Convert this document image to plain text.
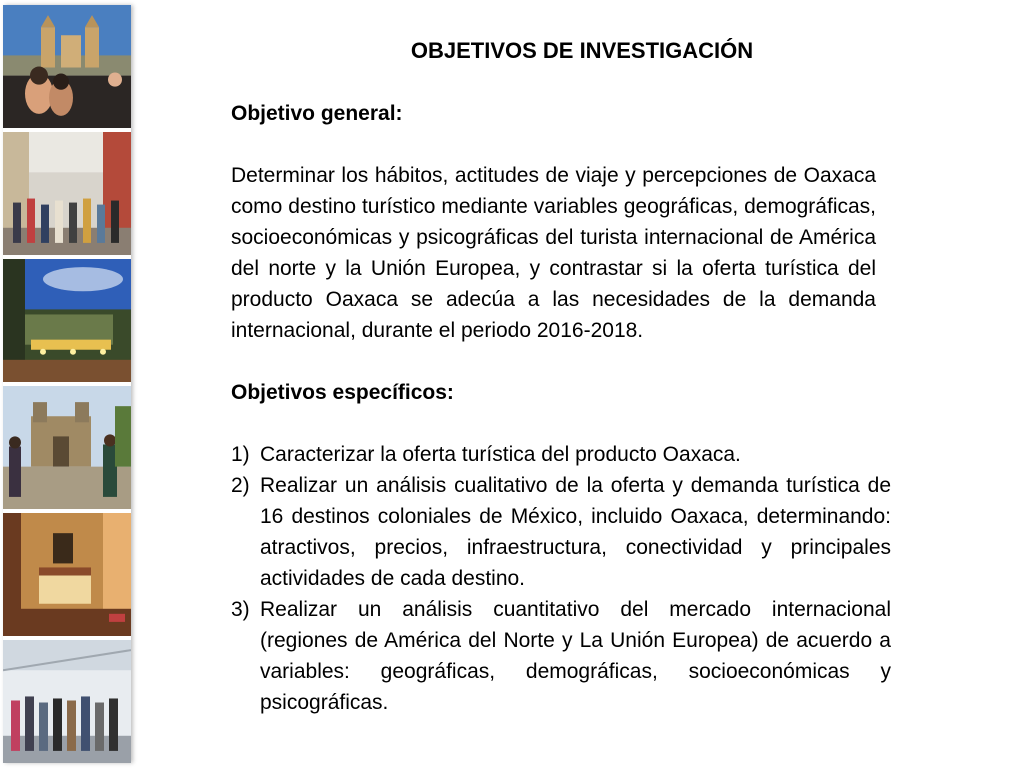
OBJETIVOS DE INVESTIGACIÓN

Objetivo general:

Determinar los hábitos, actitudes de viaje y percepciones de Oaxaca como destino turístico mediante variables geográficas, demográficas, socioeconómicas y psicográficas del turista internacional de América del norte y la Unión Europea, y contrastar si la oferta turística del producto Oaxaca se adecúa a las necesidades de la demanda internacional, durante el periodo 2016-2018.

Objetivos específicos:

1) Caracterizar la oferta turística del producto Oaxaca.
2) Realizar un análisis cualitativo de la oferta y demanda turística de 16 destinos coloniales de México, incluido Oaxaca, determinando: atractivos, precios, infraestructura, conectividad y principales actividades de cada destino.
3) Realizar un análisis cuantitativo del mercado internacional (regiones de América del Norte y La Unión Europea) de acuerdo a variables: geográficas, demográficas, socioeconómicas y psicográficas.
